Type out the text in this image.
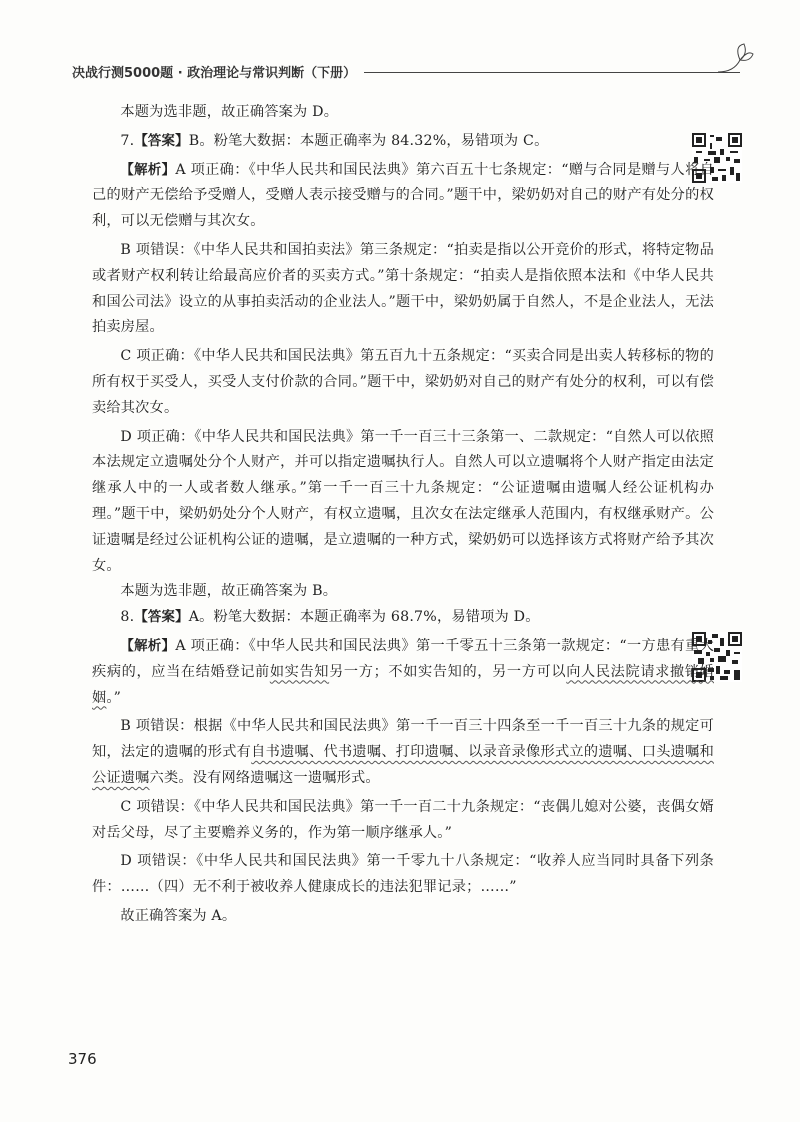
决战行测5000题 · 政治理论与常识判断（下册）

本题为选非题，故正确答案为 D。

7.【答案】B。粉笔大数据：本题正确率为 84.32%，易错项为 C。

【解析】A 项正确：《中华人民共和国民法典》第六百五十七条规定：“赠与合同是赠与人将自己的财产无偿给予受赠人，受赠人表示接受赠与的合同。”题干中，梁奶奶对自己的财产有处分的权利，可以无偿赠与其次女。

B 项错误：《中华人民共和国拍卖法》第三条规定：“拍卖是指以公开竞价的形式，将特定物品或者财产权利转让给最高应价者的买卖方式。”第十条规定：“拍卖人是指依照本法和《中华人民共和国公司法》设立的从事拍卖活动的企业法人。”题干中，梁奶奶属于自然人，不是企业法人，无法拍卖房屋。

C 项正确：《中华人民共和国民法典》第五百九十五条规定：“买卖合同是出卖人转移标的物的所有权于买受人，买受人支付价款的合同。”题干中，梁奶奶对自己的财产有处分的权利，可以有偿卖给其次女。

D 项正确：《中华人民共和国民法典》第一千一百三十三条第一、二款规定：“自然人可以依照本法规定立遗嘱处分个人财产，并可以指定遗嘱执行人。自然人可以立遗嘱将个人财产指定由法定继承人中的一人或者数人继承。”第一千一百三十九条规定：“公证遗嘱由遗嘱人经公证机构办理。”题干中，梁奶奶处分个人财产，有权立遗嘱，且次女在法定继承人范围内，有权继承财产。公证遗嘱是经过公证机构公证的遗嘱，是立遗嘱的一种方式，梁奶奶可以选择该方式将财产给予其次女。

本题为选非题，故正确答案为 B。

8.【答案】A。粉笔大数据：本题正确率为 68.7%，易错项为 D。

【解析】A 项正确：《中华人民共和国民法典》第一千零五十三条第一款规定：“一方患有重大疾病的，应当在结婚登记前如实告知另一方；不如实告知的，另一方可以向人民法院请求撤销婚姻。”

B 项错误：根据《中华人民共和国民法典》第一千一百三十四条至一千一百三十九条的规定可知，法定的遗嘱的形式有自书遗嘱、代书遗嘱、打印遗嘱、以录音录像形式立的遗嘱、口头遗嘱和公证遗嘱六类。没有网络遗嘱这一遗嘱形式。

C 项错误：《中华人民共和国民法典》第一千一百二十九条规定：“丧偶儿媳对公婆，丧偶女婿对岳父母，尽了主要赡养义务的，作为第一顺序继承人。”

D 项错误：《中华人民共和国民法典》第一千零九十八条规定：“收养人应当同时具备下列条件：……（四）无不利于被收养人健康成长的违法犯罪记录；……”

故正确答案为 A。

376
